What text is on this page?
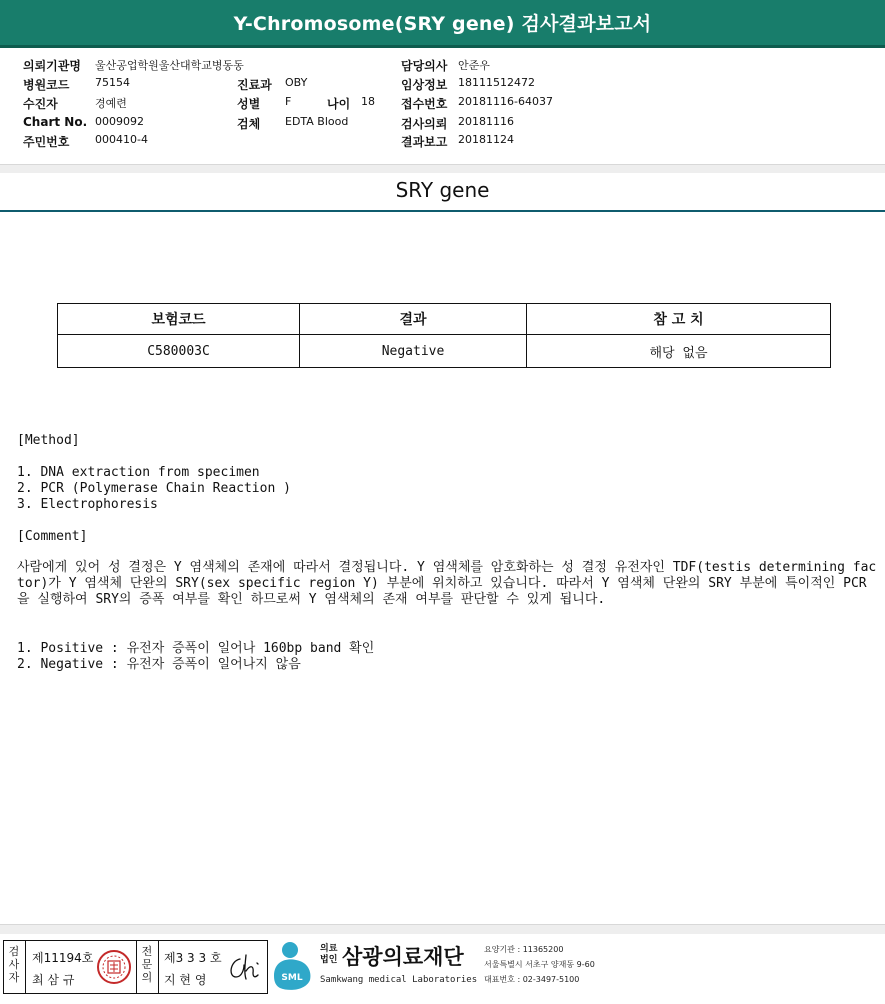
Y-Chromosome(SRY gene) 검사결과보고서
의뢰기관명 울산공업학원울산대학교병동동	담당의사 안준우
병원코드 75154	진료과 OBY	임상정보 18111512472
수진자	경예련	성별 F	나이 18 접수번호 20181116-64037
Chart No. 0009092	검체 EDTA Blood	검사의뢰 20181116
주민번호 000410-4	결과보고 20181124
SRY gene
보험코드	결과	참 고 치
C580003C	Negative	해당 없음
[Method]
1. DNA extraction from specimen
2. PCR (Polymerase Chain Reaction )
3. Electrophoresis
[Comment]
사람에게 있어 성 결정은 Y 염색체의 존재에 따라서 결정됩니다. Y 염색체를 암호화하는 성 결정 유전자인 TDF(testis determining factor)가 Y 염색체 단완의 SRY(sex specific region Y) 부분에 위치하고 있습니다. 따라서 Y 염색체 단완의 SRY 부분에 특이적인 PCR을 실행하여 SRY의 증폭 여부를 확인 하므로써 Y 염색체의 존재 여부를 판단할 수 있게 됩니다.
1. Positive : 유전자 증폭이 일어나 160bp band 확인
2. Negative : 유전자 증폭이 일어나지 않음
검
사
자
제11194호
최 삼 규
전
문
의
제3 3 3 호
지 현 영	SML
의료법인 삼광의료재단
Samkwang medical Laboratories
요양기관 : 11365200
서울특별시 서초구 양재동 9-60
대표번호 : 02-3497-5100
